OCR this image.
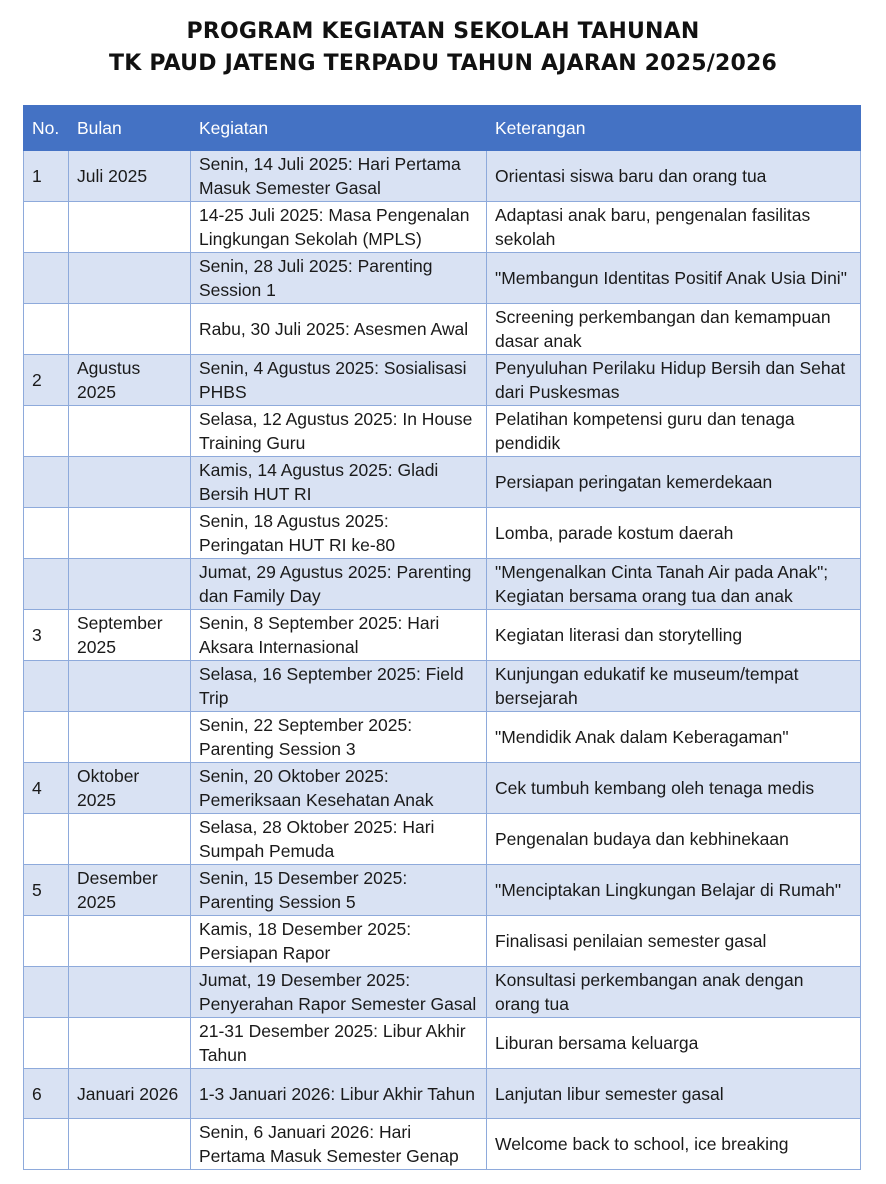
PROGRAM KEGIATAN SEKOLAH TAHUNAN
TK PAUD JATENG TERPADU TAHUN AJARAN 2025/2026
No.	Bulan	Kegiatan	Keterangan
1	Juli 2025	Senin, 14 Juli 2025: Hari Pertama Masuk Semester Gasal	Orientasi siswa baru dan orang tua
		14-25 Juli 2025: Masa Pengenalan Lingkungan Sekolah (MPLS)	Adaptasi anak baru, pengenalan fasilitas sekolah
		Senin, 28 Juli 2025: Parenting Session 1	"Membangun Identitas Positif Anak Usia Dini"
		Rabu, 30 Juli 2025: Asesmen Awal	Screening perkembangan dan kemampuan dasar anak
2	Agustus 2025	Senin, 4 Agustus 2025: Sosialisasi PHBS	Penyuluhan Perilaku Hidup Bersih dan Sehat dari Puskesmas
		Selasa, 12 Agustus 2025: In House Training Guru	Pelatihan kompetensi guru dan tenaga pendidik
		Kamis, 14 Agustus 2025: Gladi Bersih HUT RI	Persiapan peringatan kemerdekaan
		Senin, 18 Agustus 2025: Peringatan HUT RI ke-80	Lomba, parade kostum daerah
		Jumat, 29 Agustus 2025: Parenting dan Family Day	"Mengenalkan Cinta Tanah Air pada Anak"; Kegiatan bersama orang tua dan anak
3	September 2025	Senin, 8 September 2025: Hari Aksara Internasional	Kegiatan literasi dan storytelling
		Selasa, 16 September 2025: Field Trip	Kunjungan edukatif ke museum/tempat bersejarah
		Senin, 22 September 2025: Parenting Session 3	"Mendidik Anak dalam Keberagaman"
4	Oktober 2025	Senin, 20 Oktober 2025: Pemeriksaan Kesehatan Anak	Cek tumbuh kembang oleh tenaga medis
		Selasa, 28 Oktober 2025: Hari Sumpah Pemuda	Pengenalan budaya dan kebhinekaan
5	Desember 2025	Senin, 15 Desember 2025: Parenting Session 5	"Menciptakan Lingkungan Belajar di Rumah"
		Kamis, 18 Desember 2025: Persiapan Rapor	Finalisasi penilaian semester gasal
		Jumat, 19 Desember 2025: Penyerahan Rapor Semester Gasal	Konsultasi perkembangan anak dengan orang tua
		21-31 Desember 2025: Libur Akhir Tahun	Liburan bersama keluarga
6	Januari 2026	1-3 Januari 2026: Libur Akhir Tahun	Lanjutan libur semester gasal
		Senin, 6 Januari 2026: Hari Pertama Masuk Semester Genap	Welcome back to school, ice breaking
